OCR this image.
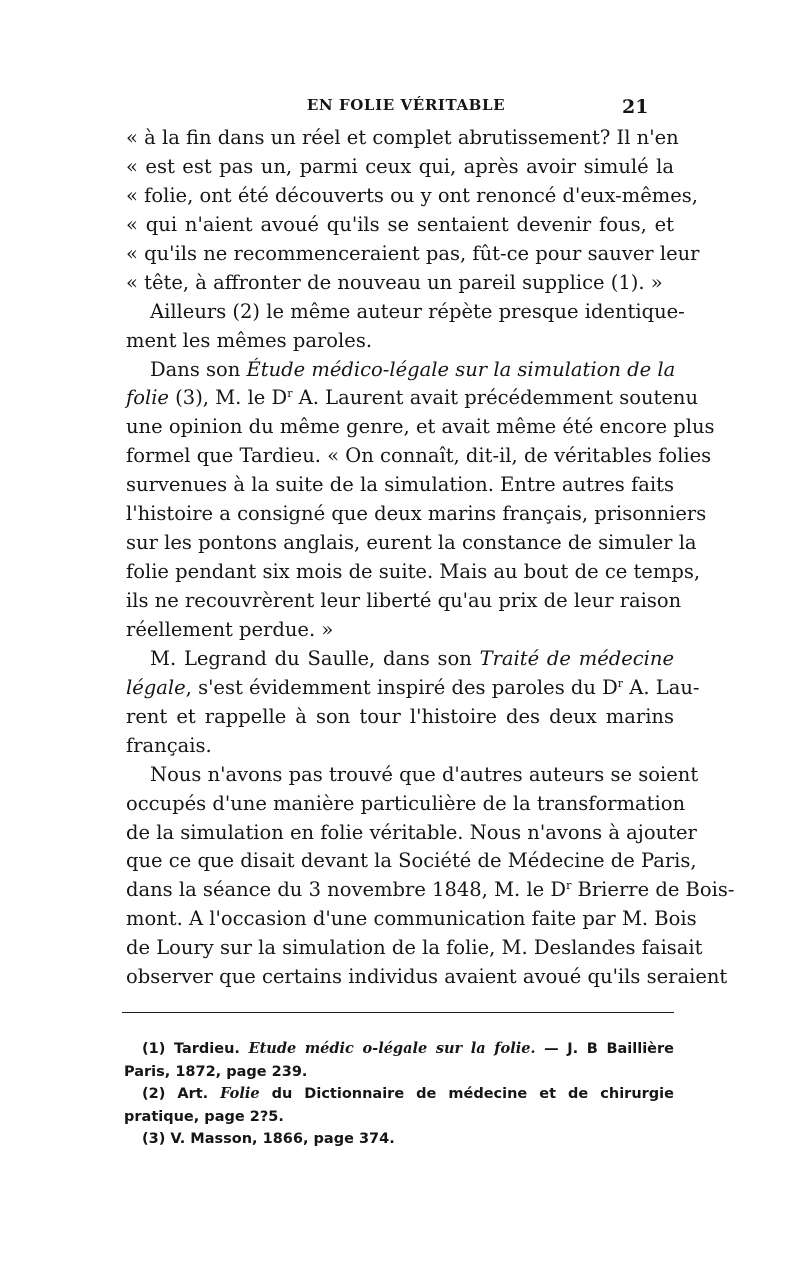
EN FOLIE VÉRITABLE	21
« à la fin dans un réel et complet abrutissement? Il n'en
« est est pas un, parmi ceux qui, après avoir simulé la
« folie, ont été découverts ou y ont renoncé d'eux-mêmes,
« qui n'aient avoué qu'ils se sentaient devenir fous, et
« qu'ils ne recommenceraient pas, fût-ce pour sauver leur
« tête, à affronter de nouveau un pareil supplice (1). »
Ailleurs (2) le même auteur répète presque identique-
ment les mêmes paroles.
Dans son Étude médico-légale sur la simulation de la
folie (3), M. le $D^r$ A. Laurent avait précédemment soutenu
une opinion du même genre, et avait même été encore plus
formel que Tardieu. « On connaît, dit-il, de véritables folies
survenues à la suite de la simulation. Entre autres faits
l'histoire a consigné que deux marins français, prisonniers
sur les pontons anglais, eurent la constance de simuler la
folie pendant six mois de suite. Mais au bout de ce temps,
ils ne recouvrèrent leur liberté qu'au prix de leur raison
réellement perdue. »
M. Legrand du Saulle, dans son Traité de médecine
légale, s'est évidemment inspiré des paroles du $D^r$ A. Lau-
rent et rappelle à son tour l'histoire des deux marins
français.
Nous n'avons pas trouvé que d'autres auteurs se soient
occupés d'une manière particulière de la transformation
de la simulation en folie véritable. Nous n'avons à ajouter
que ce que disait devant la Société de Médecine de Paris,
dans la séance du 3 novembre 1848, M. le $D^r$ Brierre de Bois-
mont. A l'occasion d'une communication faite par M. Bois
de Loury sur la simulation de la folie, M. Deslandes faisait
observer que certains individus avaient avoué qu'ils seraient
(1) Tardieu. Etude médic o-légale sur la folie. — J. B Baillière
Paris, 1872, page 239.
(2) Art. Folie du Dictionnaire de médecine et de chirurgie
pratique, page 2?5.
(3) V. Masson, 1866, page 374.
